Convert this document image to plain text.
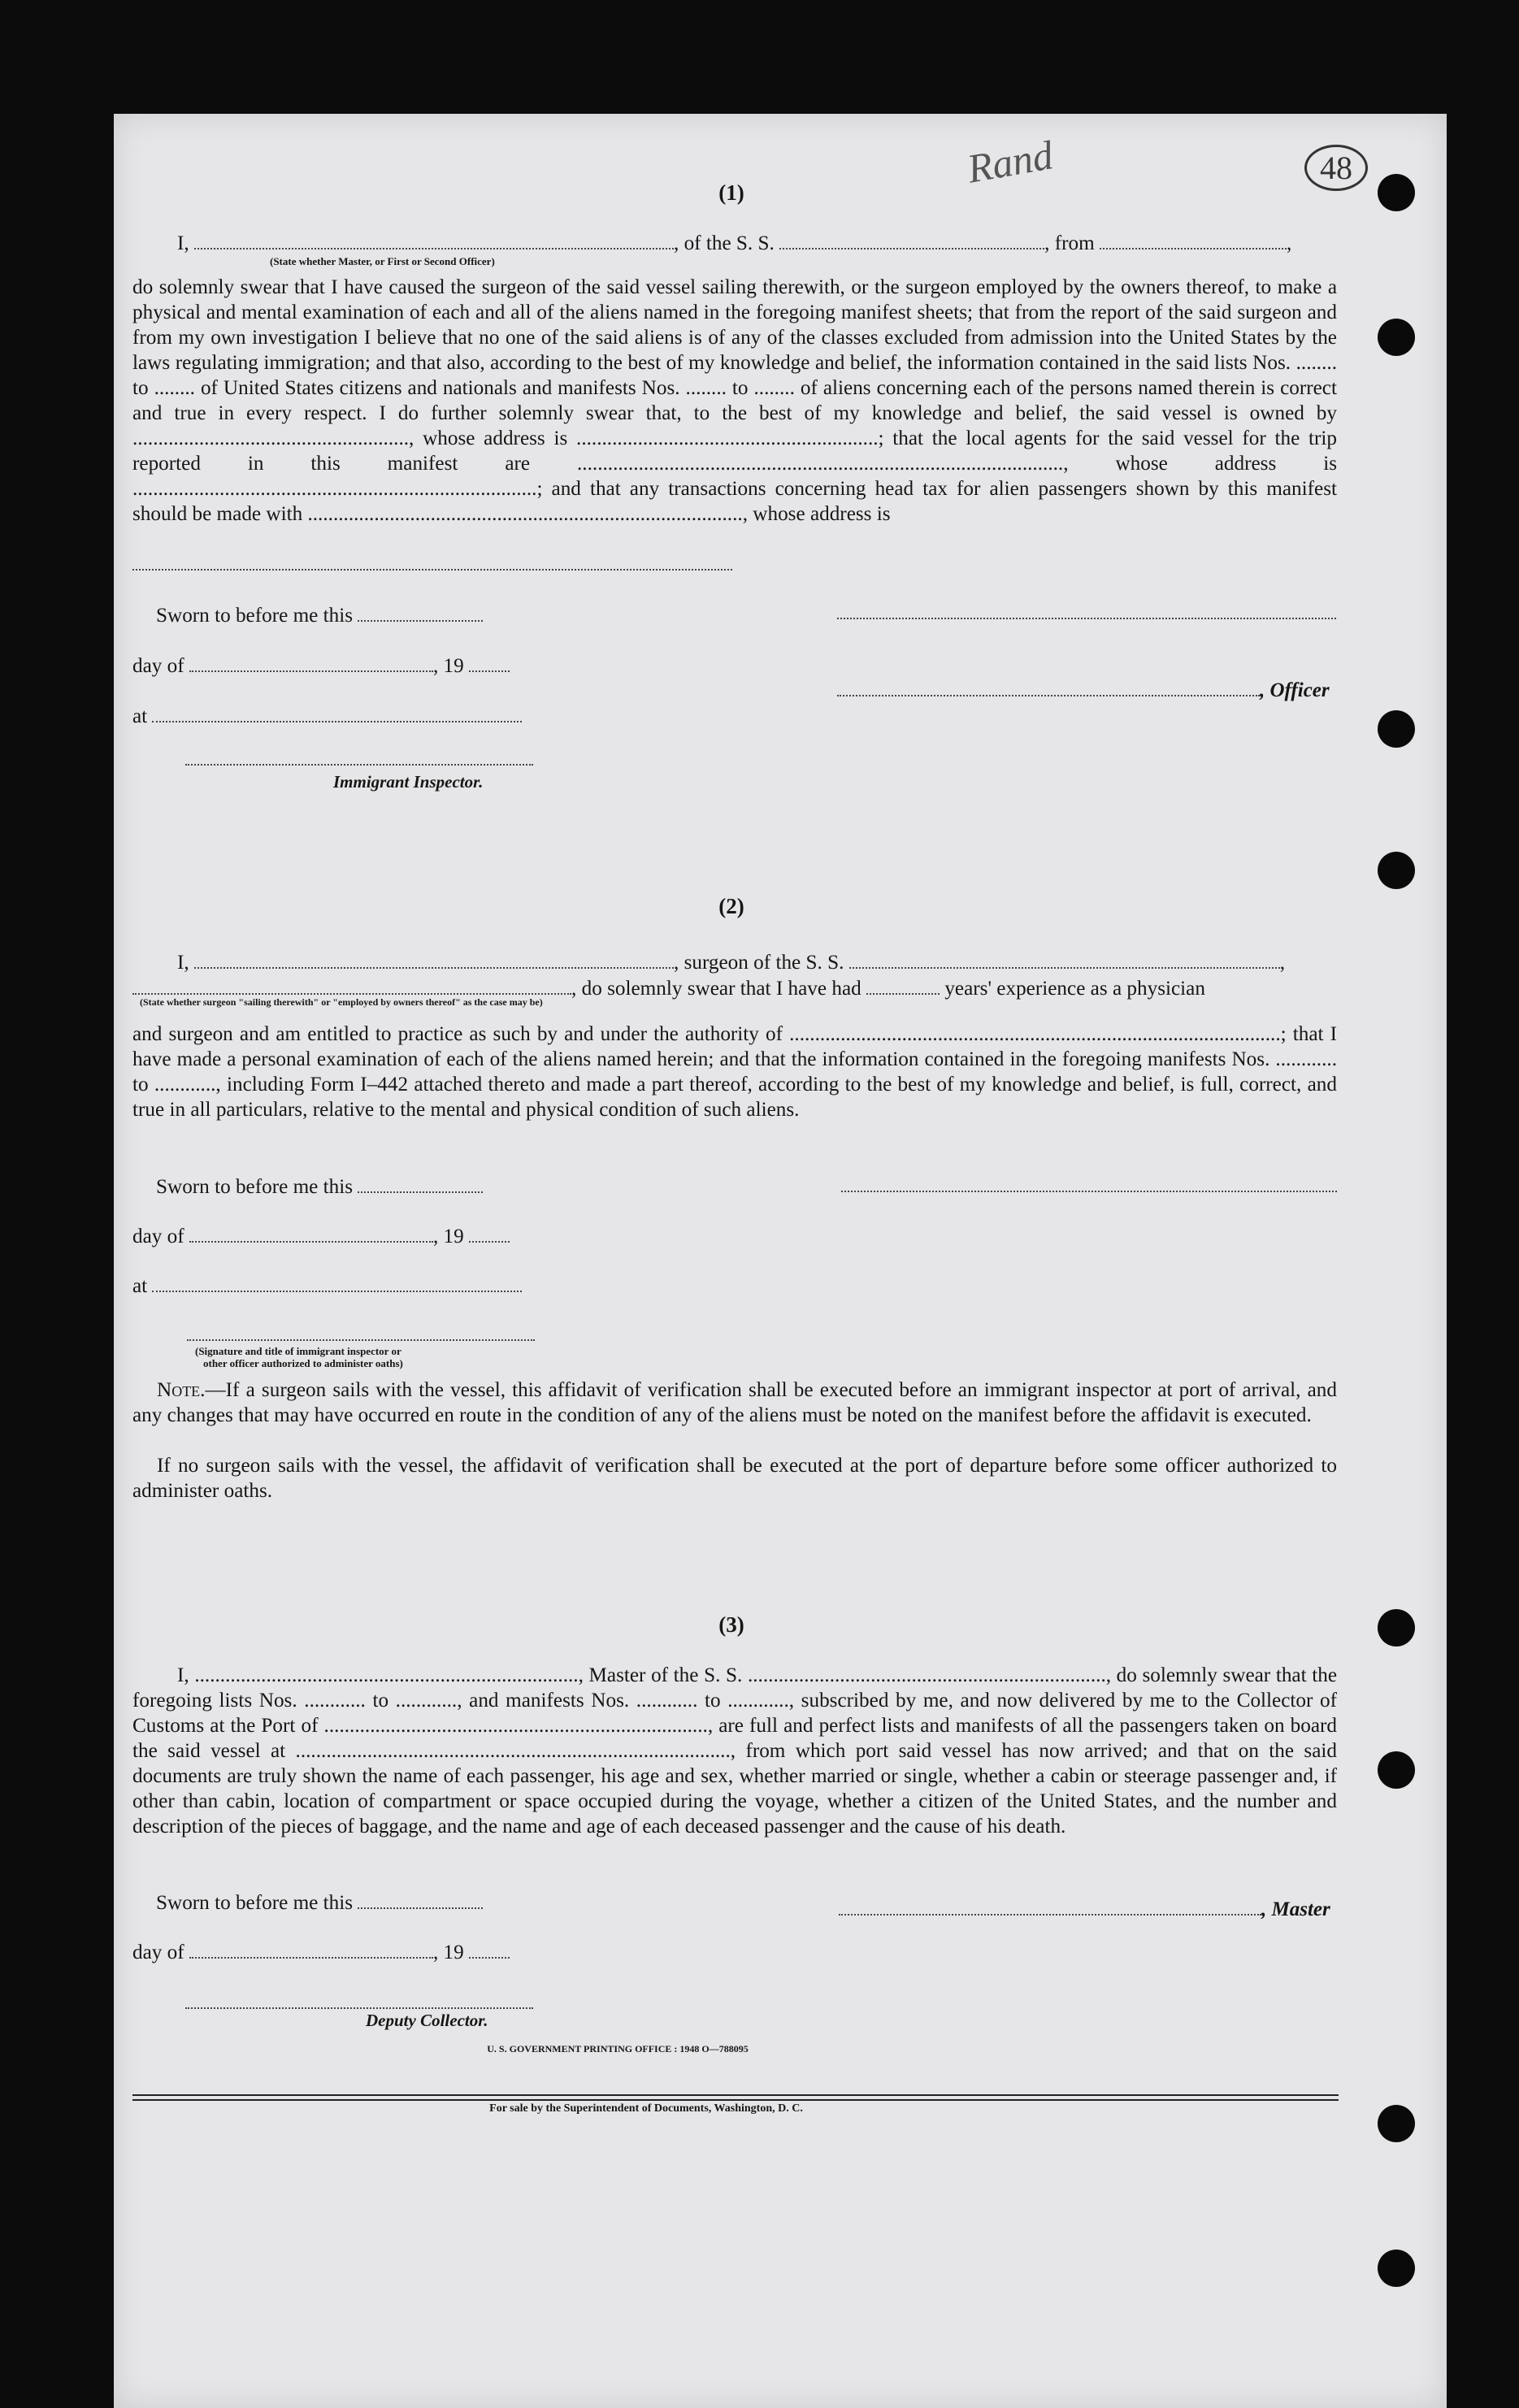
Rand	48
(1)
I,	, of the S. S.	, from	,
(State whether Master, or First or Second Officer)
do solemnly swear that I have caused the surgeon of the said vessel sailing therewith, or the surgeon employed by the owners thereof, to make a physical and mental examination of each and all of the aliens named in the foregoing manifest sheets; that from the report of the said surgeon and from my own investigation I believe that no one of the said aliens is of any of the classes excluded from admission into the United States by the laws regulating immigration; and that also, according to the best of my knowledge and belief, the information contained in the said lists Nos. ........ to ........ of United States citizens and nationals and manifests Nos. ........ to ........ of aliens concerning each of the persons named therein is correct and true in every respect. I do further solemnly swear that, to the best of my knowledge and belief, the said vessel is owned by ......................................................, whose address is ...........................................................; that the local agents for the said vessel for the trip reported in this manifest are ..............................................................................................., whose address is ...............................................................................; and that any transactions concerning head tax for alien passengers shown by this manifest should be made with ....................................................................................., whose address is
Sworn to before me this
day of	, 19
, Officer
at
Immigrant Inspector.
(2)
I,	, surgeon of the S. S.	,
, do solemnly swear that I have had	years' experience as a physician
(State whether surgeon "sailing therewith" or "employed by owners thereof" as the case may be)
and surgeon and am entitled to practice as such by and under the authority of ................................................................................................; that I have made a personal examination of each of the aliens named herein; and that the information contained in the foregoing manifests Nos. ............ to ............, including Form I–442 attached thereto and made a part thereof, according to the best of my knowledge and belief, is full, correct, and true in all particulars, relative to the mental and physical condition of such aliens.
Sworn to before me this
day of	, 19
at
(Signature and title of immigrant inspector or
other officer authorized to administer oaths)
Note.—If a surgeon sails with the vessel, this affidavit of verification shall be executed before an immigrant inspector at port of arrival, and any changes that may have occurred en route in the condition of any of the aliens must be noted on the manifest before the affidavit is executed.
If no surgeon sails with the vessel, the affidavit of verification shall be executed at the port of departure before some officer authorized to administer oaths.
(3)
I, ..........................................................................., Master of the S. S. ......................................................................, do solemnly swear that the foregoing lists Nos. ............ to ............, and manifests Nos. ............ to ............, subscribed by me, and now delivered by me to the Collector of Customs at the Port of ..........................................................................., are full and perfect lists and manifests of all the passengers taken on board the said vessel at ....................................................................................., from which port said vessel has now arrived; and that on the said documents are truly shown the name of each passenger, his age and sex, whether married or single, whether a cabin or steerage passenger and, if other than cabin, location of compartment or space occupied during the voyage, whether a citizen of the United States, and the number and description of the pieces of baggage, and the name and age of each deceased passenger and the cause of his death.
Sworn to before me this	, Master
day of	, 19
Deputy Collector.
U. S. GOVERNMENT PRINTING OFFICE : 1948 O—788095
For sale by the Superintendent of Documents, Washington, D. C.
